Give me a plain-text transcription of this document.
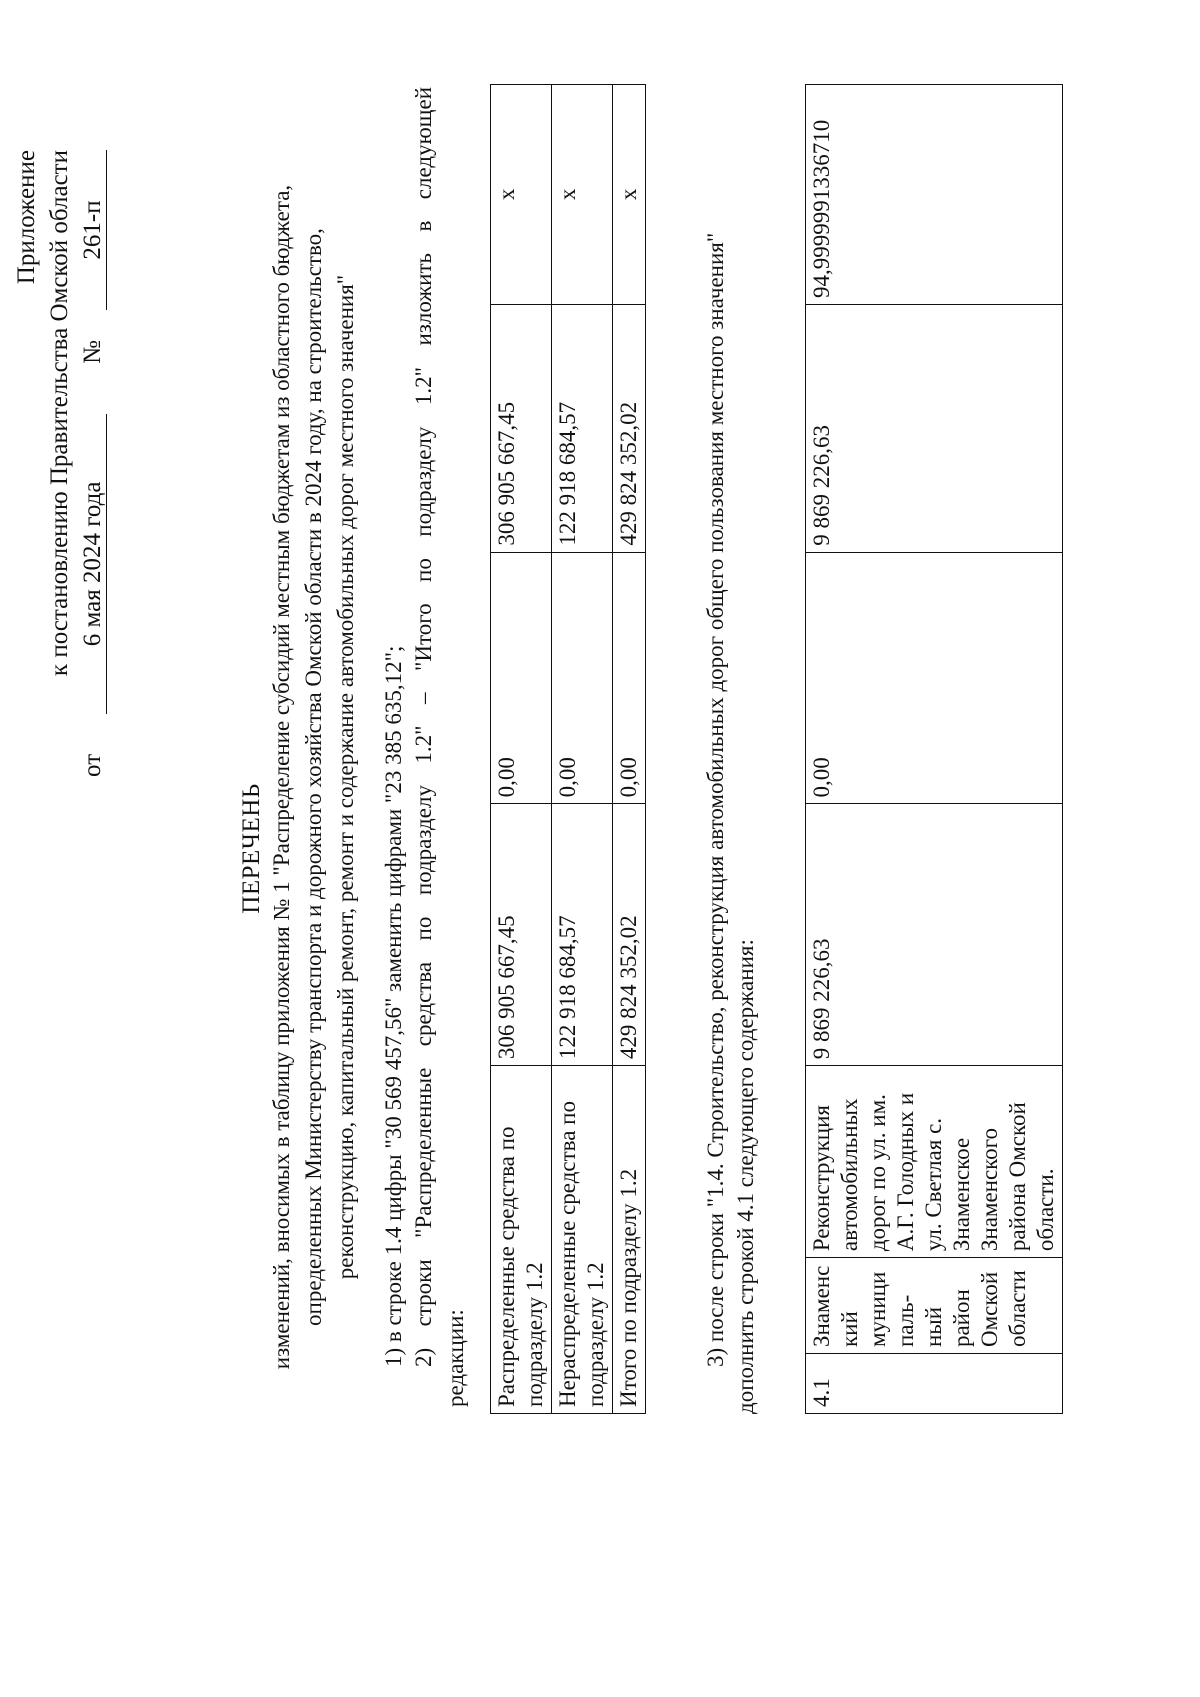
Приложение к постановлению Правительства Омской области
от
6 мая 2024 года
№
261-п
ПЕРЕЧЕНЬ изменений, вносимых в таблицу приложения № 1 "Распределение субсидий местным бюджетам из областного бюджета, определенных Министерству транспорта и дорожного хозяйства Омской области в 2024 году, на строительство, реконструкцию, капитальный ремонт, ремонт и содержание автомобильных дорог местного значения" 1) в строке 1.4 цифры "30 569 457,56" заменить цифрами "23 385 635,12"; 2) строки "Распределенные средства по подразделу 1.2" – "Итого по подразделу 1.2" изложить в следующей редакции: Распределенные средства по подразделу 1.2	306 905 667,45	0,00	306 905 667,45	x
Нераспределенные средства по подразделу 1.2	122 918 684,57	0,00	122 918 684,57	x
Итого по подразделу 1.2	429 824 352,02	0,00	429 824 352,02	x
3) после строки "1.4. Строительство, реконструкция автомобильных дорог общего пользования местного значения" дополнить строкой 4.1 следующего содержания: 4.1	Знаменский муниципаль-ный район Омской области	Реконструкция автомобильных дорог по ул. им. А.Г. Голодных и ул. Светлая с. Знаменское Знаменского района Омской области.	9 869 226,63	0,00	9 869 226,63	94,9999991336710
